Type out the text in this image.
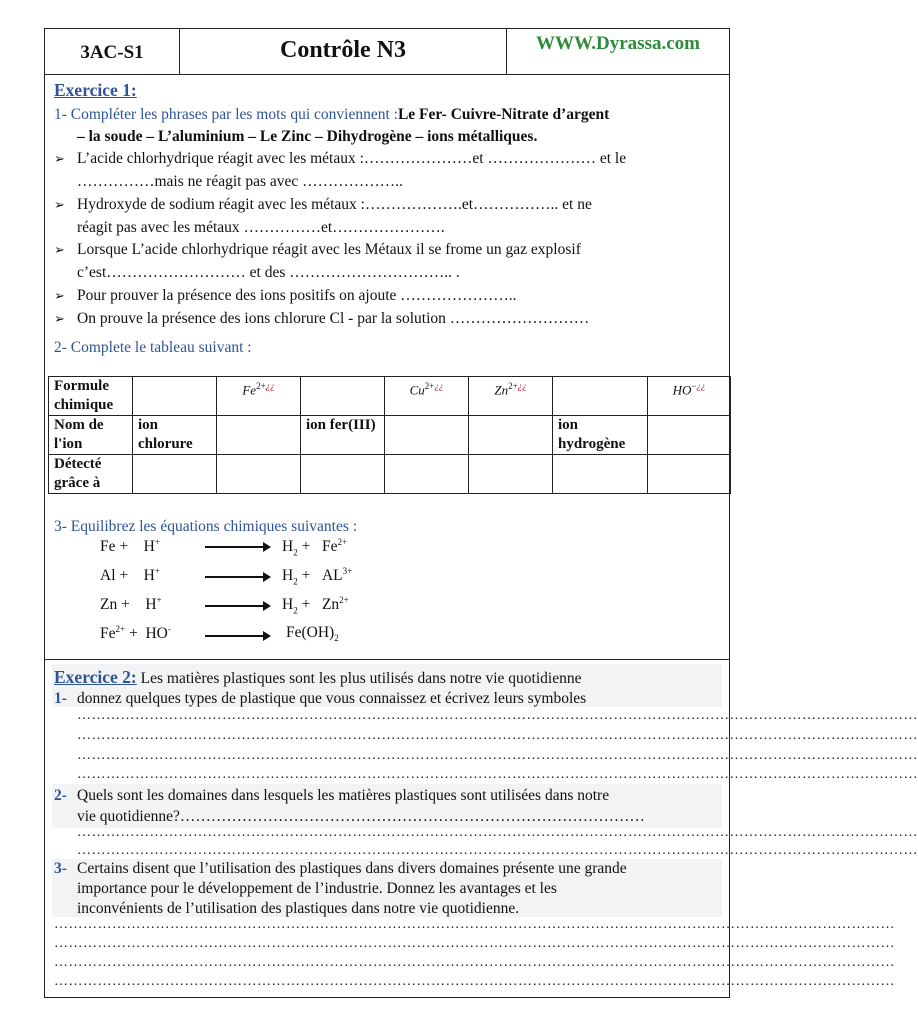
3AC-S1	Contrôle N3	WWW.Dyrassa.com
Exercice 1:
1- Compléter les phrases par les mots qui conviennent :Le Fer- Cuivre-Nitrate d’argent
– la soude – L’aluminium – Le Zinc – Dihydrogène – ions métalliques.
➢ L’acide chlorhydrique réagit avec les métaux :…………………et ………………… et le
……………mais ne réagit pas avec ………………..
➢ Hydroxyde de sodium réagit avec les métaux :……………….et…………….. et ne
réagit pas avec les métaux ……………et………………….
➢ Lorsque L’acide chlorhydrique réagit avec les Métaux il se frome un gaz explosif
c’est……………………… et des ………………………….. .
➢ Pour prouver la présence des ions positifs on ajoute …………………..
➢ On prouve la présence des ions chlorure Cl - par la solution ………………………
2- Complete le tableau suivant :
Formule chimique		$Fe^{2+¿¿}$		$Cu^{2+¿¿}$	$Zn^{2+¿¿}$		HO−¿¿
Nom de l'ion	ion chlorure		ion fer(III)			ion hydrogène	
Détecté grâce à							
3- Equilibrez les équations chimiques suivantes :
Fe + H+	→ $H_2 + Fe^{2+}$
$Al + H^+ \to H_2 + AL^{3+}$
$Zn + H^+ \to H_2 + Zn^{2+}$
$Fe^{2+} + HO^- \to Fe(OH)_2$
Exercice 2: Les matières plastiques sont les plus utilisés dans notre vie quotidienne
1- donnez quelques types de plastique que vous connaissez et écrivez leurs symboles
…………………………………………………………………………………………………………………………………………………………
…………………………………………………………………………………………………………………………………………………………
…………………………………………………………………………………………………………………………………………………………
…………………………………………………………………………………………………………………………………………………………
2- Quels sont les domaines dans lesquels les matières plastiques sont utilisées dans notre
vie quotidienne?………………………………………………………………………………
…………………………………………………………………………………………………………………………………………………………
…………………………………………………………………………………………………………………………………………………………
3- Certains disent que l’utilisation des plastiques dans divers domaines présente une grande
importance pour le développement de l’industrie. Donnez les avantages et les
inconvénients de l’utilisation des plastiques dans notre vie quotidienne.
…………………………………………………………………………………………………………………………………………………………
…………………………………………………………………………………………………………………………………………………………
…………………………………………………………………………………………………………………………………………………………
…………………………………………………………………………………………………………………………………………………………
